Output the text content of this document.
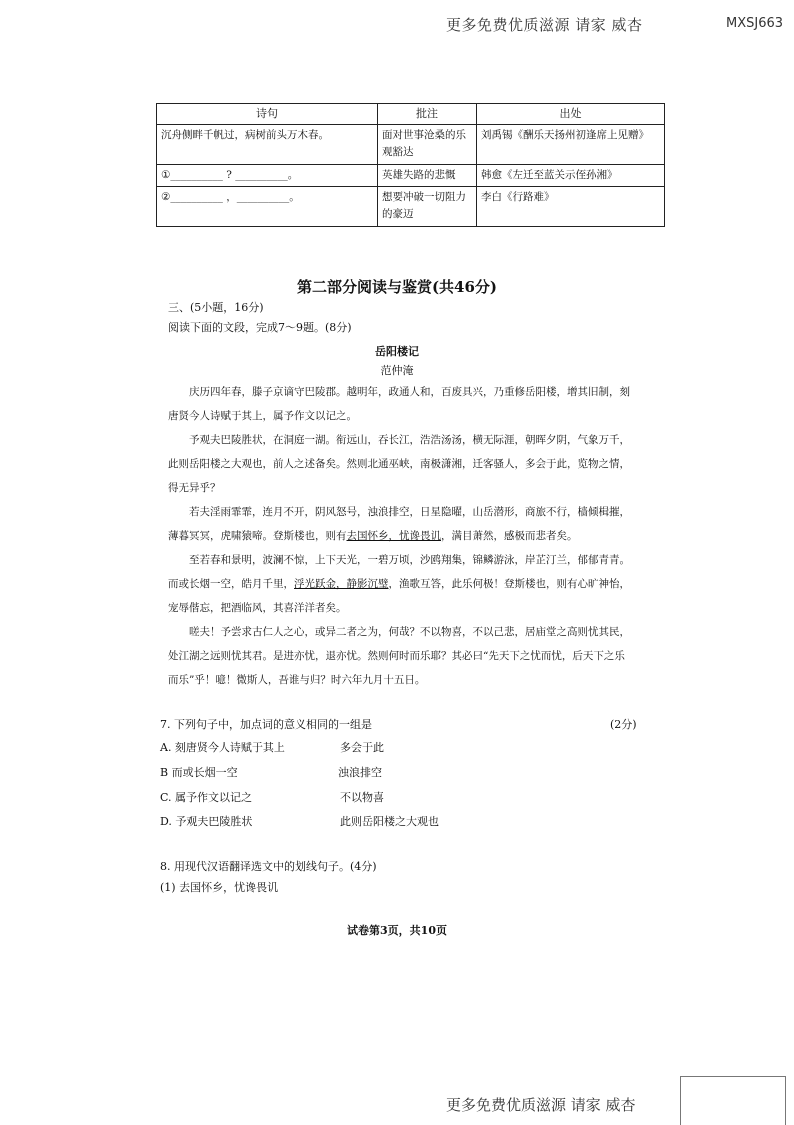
更多免费优质滋源 请家 威杏	MXSJ663
诗句	批注	出处
沉舟侧畔千帆过，病树前头万木春。	面对世事沧桑的乐观豁达	刘禹锡《酬乐天扬州初逢席上见赠》
①__________ ? __________。	英雄失路的悲慨	韩愈《左迁至蓝关示侄孙湘》
②__________ ，__________。	想要冲破一切阻力的豪迈	李白《行路难》
第二部分阅读与鉴赏(共46分)
三、(5小题，16分)
阅读下面的文段，完成7～9题。(8分)
岳阳楼记
范仲淹

庆历四年春，滕子京谪守巴陵郡。越明年，政通人和，百废具兴，乃重修岳阳楼，增其旧制，刻唐贤今人诗赋于其上，属予作文以记之。

予观夫巴陵胜状，在洞庭一湖。衔远山，吞长江，浩浩汤汤，横无际涯，朝晖夕阴，气象万千，此则岳阳楼之大观也，前人之述备矣。然则北通巫峡，南极潇湘，迁客骚人，多会于此，览物之情，得无异乎？

若夫淫雨霏霏，连月不开，阴风怒号，浊浪排空，日星隐曜，山岳潜形，商旅不行，樯倾楫摧，薄暮冥冥，虎啸猿啼。登斯楼也，则有去国怀乡，忧谗畏讥，满目萧然，感极而悲者矣。

至若春和景明，波澜不惊，上下天光，一碧万顷，沙鸥翔集，锦鳞游泳，岸芷汀兰，郁郁青青。而或长烟一空，皓月千里，浮光跃金，静影沉璧，渔歌互答，此乐何极！登斯楼也，则有心旷神怡，宠辱偕忘，把酒临风，其喜洋洋者矣。

嗟夫！予尝求古仁人之心，或异二者之为，何哉？不以物喜，不以己悲，居庙堂之高则忧其民，处江湖之远则忧其君。是进亦忧，退亦忧。然则何时而乐耶？其必曰“先天下之忧而忧，后天下之乐而乐”乎！噫！微斯人，吾谁与归？时六年九月十五日。

7. 下列句子中，加点词的意义相同的一组是	(2分)
A. 刻唐贤今人诗赋于其上	多会于此
B 而或长烟一空	浊浪排空
C. 属予作文以记之	不以物喜
D. 予观夫巴陵胜状	此则岳阳楼之大观也
8. 用现代汉语翻译选文中的划线句子。(4分)
(1) 去国怀乡，忧谗畏讥
试卷第3页，共10页
更多免费优质滋源 请家 威杏
